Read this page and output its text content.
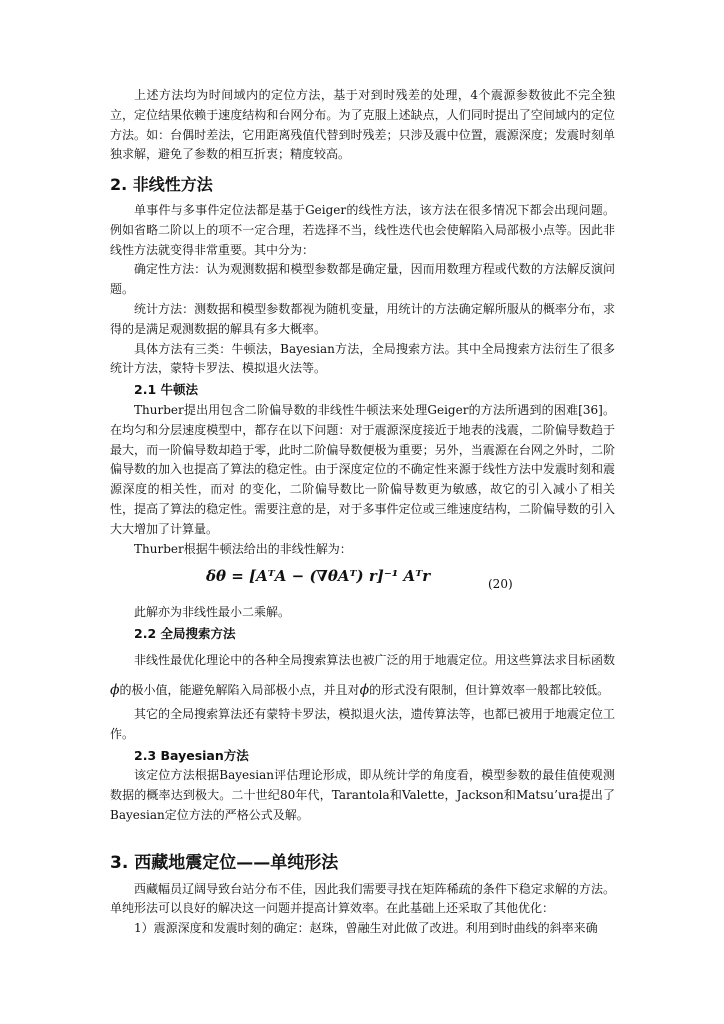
上述方法均为时间域内的定位方法，基于对到时残差的处理，4个震源参数彼此不完全独立，定位结果依赖于速度结构和台网分布。为了克服上述缺点，人们同时提出了空间域内的定位方法。如：台偶时差法，它用距离残值代替到时残差；只涉及震中位置，震源深度；发震时刻单独求解，避免了参数的相互折衷；精度较高。

2. 非线性方法

单事件与多事件定位法都是基于Geiger的线性方法，该方法在很多情况下都会出现问题。例如省略二阶以上的项不一定合理，若选择不当，线性迭代也会使解陷入局部极小点等。因此非线性方法就变得非常重要。其中分为：

确定性方法：认为观测数据和模型参数都是确定量，因而用数理方程或代数的方法解反演问题。

统计方法：测数据和模型参数都视为随机变量，用统计的方法确定解所服从的概率分布，求得的是满足观测数据的解具有多大概率。

具体方法有三类：牛顿法，Bayesian方法，全局搜索方法。其中全局搜索方法衍生了很多统计方法，蒙特卡罗法、模拟退火法等。

2.1 牛顿法

Thurber提出用包含二阶偏导数的非线性牛顿法来处理Geiger的方法所遇到的困难[36]。在均匀和分层速度模型中，都存在以下问题：对于震源深度接近于地表的浅震，二阶偏导数趋于最大，而一阶偏导数却趋于零，此时二阶偏导数便极为重要；另外，当震源在台网之外时，二阶偏导数的加入也提高了算法的稳定性。由于深度定位的不确定性来源于线性方法中发震时刻和震源深度的相关性，而对 的变化，二阶偏导数比一阶偏导数更为敏感，故它的引入减小了相关性，提高了算法的稳定性。需要注意的是，对于多事件定位或三维速度结构，二阶偏导数的引入大大增加了计算量。

Thurber根据牛顿法给出的非线性解为：

δθ = [AᵀA − (∇θAᵀ) r]⁻¹ Aᵀr	(20)

此解亦为非线性最小二乘解。

2.2 全局搜索方法

非线性最优化理论中的各种全局搜索算法也被广泛的用于地震定位。用这些算法求目标函数ϕ的极小值，能避免解陷入局部极小点，并且对ϕ的形式没有限制，但计算效率一般都比较低。

其它的全局搜索算法还有蒙特卡罗法，模拟退火法，遗传算法等，也都已被用于地震定位工作。

2.3 Bayesian方法

该定位方法根据Bayesian评估理论形成，即从统计学的角度看，模型参数的最佳值使观测数据的概率达到极大。二十世纪80年代，Tarantola和Valette，Jackson和Matsu’ura提出了Bayesian定位方法的严格公式及解。

3. 西藏地震定位——单纯形法

西藏幅员辽阔导致台站分布不佳，因此我们需要寻找在矩阵稀疏的条件下稳定求解的方法。单纯形法可以良好的解决这一问题并提高计算效率。在此基础上还采取了其他优化：

1）震源深度和发震时刻的确定：赵珠，曾融生对此做了改进。利用到时曲线的斜率来确
